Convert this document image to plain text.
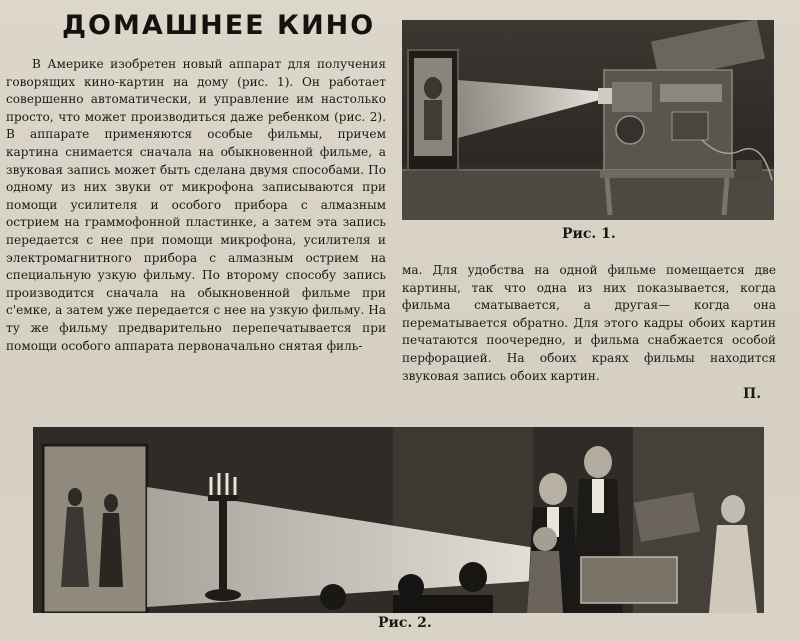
ДОМАШНЕЕ КИНО

В Америке изобретен новый аппарат для получения говорящих кино-картин на дому (рис. 1). Он работает совершенно автоматически, и управление им настолько просто, что может производиться даже ребенком (рис. 2). В аппарате применяются особые фильмы, причем картина снимается сначала на обыкновенной фильме, а звуковая запись может быть сделана двумя способами. По одному из них звуки от микрофона записываются при помощи усилителя и особого прибора с алмазным острием на граммофонной пластинке, а затем эта запись передается с нее при помощи микрофона, усилителя и электромагнитного прибора с алмазным острием на специальную узкую фильму. По второму способу запись производится сначала на обыкновенной фильме при с'емке, а затем уже передается с нее на узкую фильму. На ту же фильму предварительно перепечатывается при помощи особого аппарата первоначально снятая филь-

Рис. 1.

ма. Для удобства на одной фильме помещается две картины, так что одна из них показывается, когда фильма сматывается, а другая— когда она перематывается обратно. Для этого кадры обоих картин печатаются поочередно, и фильма снабжается особой перфорацией. На обоих краях фильмы находится звуковая запись обоих картин.

П.
Рис. 2.
